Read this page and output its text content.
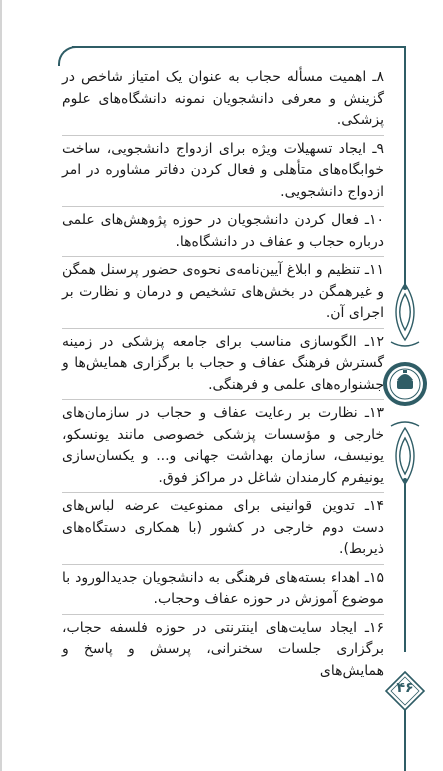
۴۶

۸ـ اهمیت مسأله حجاب به عنوان یک امتیاز شاخص در گزینش و معرفی دانشجویان نمونه دانشگاه‌های علوم پزشکی.

۹ـ ایجاد تسهیلات ویژه برای ازدواج دانشجویی، ساخت خوابگاه‌های متأهلی و فعال کردن دفاتر مشاوره در امر ازدواج دانشجویی.

۱۰ـ فعال کردن دانشجویان در حوزه پژوهش‌های علمی درباره حجاب و عفاف در دانشگاه‌ها.

۱۱ـ تنظیم و ابلاغ آیین‌نامه‌ی نحوه‌ی حضور پرسنل همگن و غیرهمگن در بخش‌های تشخیص و درمان و نظارت بر اجرای آن.

۱۲ـ الگوسازی مناسب برای جامعه پزشکی در زمینه گسترش فرهنگ عفاف و حجاب با برگزاری همایش‌ها و جشنواره‌های علمی و فرهنگی.

۱۳ـ نظارت بر رعایت عفاف و حجاب در سازمان‌های خارجی و مؤسسات پزشکی خصوصی مانند یونسکو، یونیسف، سازمان بهداشت جهانی و... و یکسان‌سازی یونیفرم کارمندان شاغل در مراکز فوق.

۱۴ـ تدوین قوانینی برای ممنوعیت عرضه لباس‌های دست دوم خارجی در کشور (با همکاری دستگاه‌های ذیربط).

۱۵ـ اهداء بسته‌های فرهنگی به دانشجویان جدیدالورود با موضوع آموزش در حوزه عفاف وحجاب.

۱۶ـ ایجاد سایت‌های اینترنتی در حوزه فلسفه حجاب، برگزاری جلسات سخنرانی، پرسش و پاسخ و همایش‌های
